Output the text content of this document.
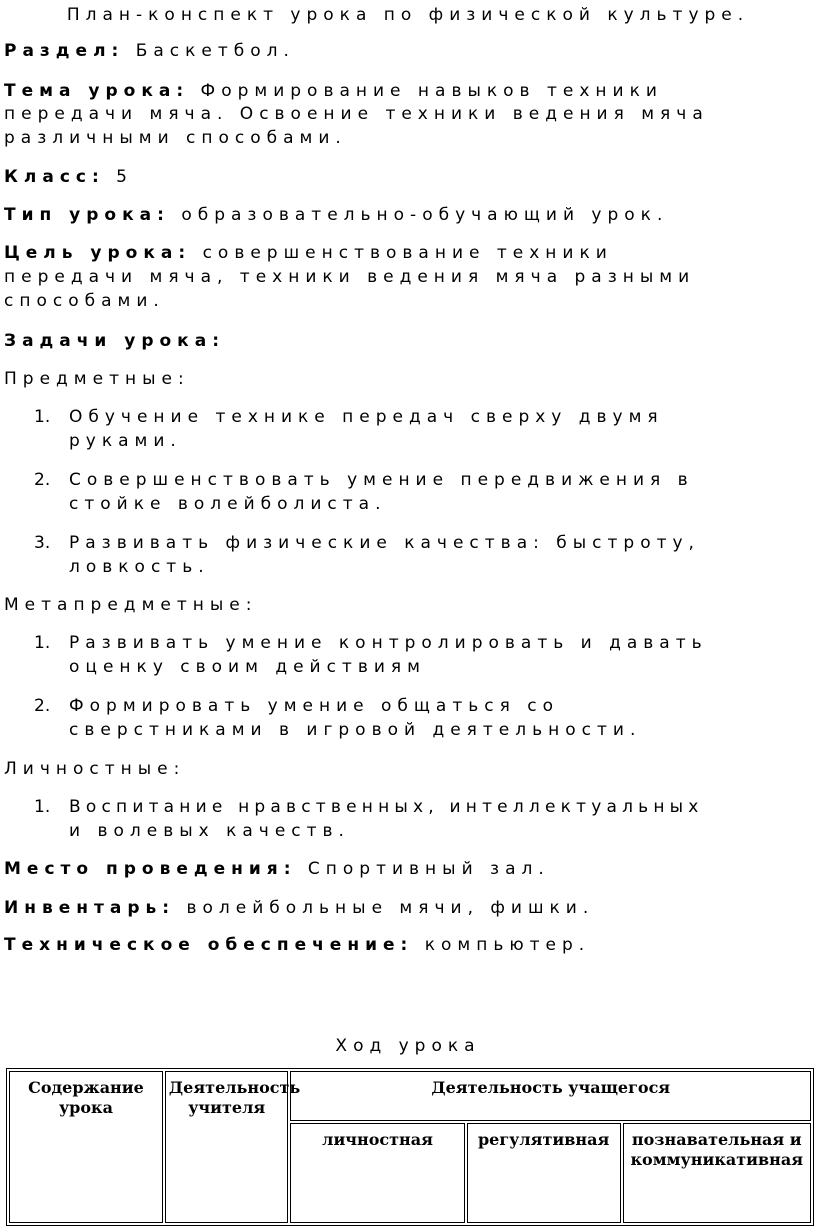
План-конспект урока по физической культуре.
Раздел: Баскетбол.
Тема урока: Формирование навыков техники
передачи мяча. Освоение техники ведения мяча
различными способами.
Класс: 5
Тип урока: образовательно-обучающий урок.
Цель урока: совершенствование техники
передачи мяча, техники ведения мяча разными
способами.
Задачи урока:
Предметные:
1. Обучение технике передач сверху двумя
руками.
2. Совершенствовать умение передвижения в
стойке волейболиста.
3. Развивать физические качества: быстроту,
ловкость.
Метапредметные:
1. Развивать умение контролировать и давать
оценку своим действиям
2. Формировать умение общаться со
сверстниками в игровой деятельности.
Личностные:
1. Воспитание нравственных, интеллектуальных
и волевых качеств.
Место проведения: Спортивный зал.
Инвентарь: волейбольные мячи, фишки.
Техническое обеспечение: компьютер.
Ход урока
Содержание урока	Деятельность учителя	Деятельность учащегося		
		личностная	регулятивная	познавательная и коммуникативная
